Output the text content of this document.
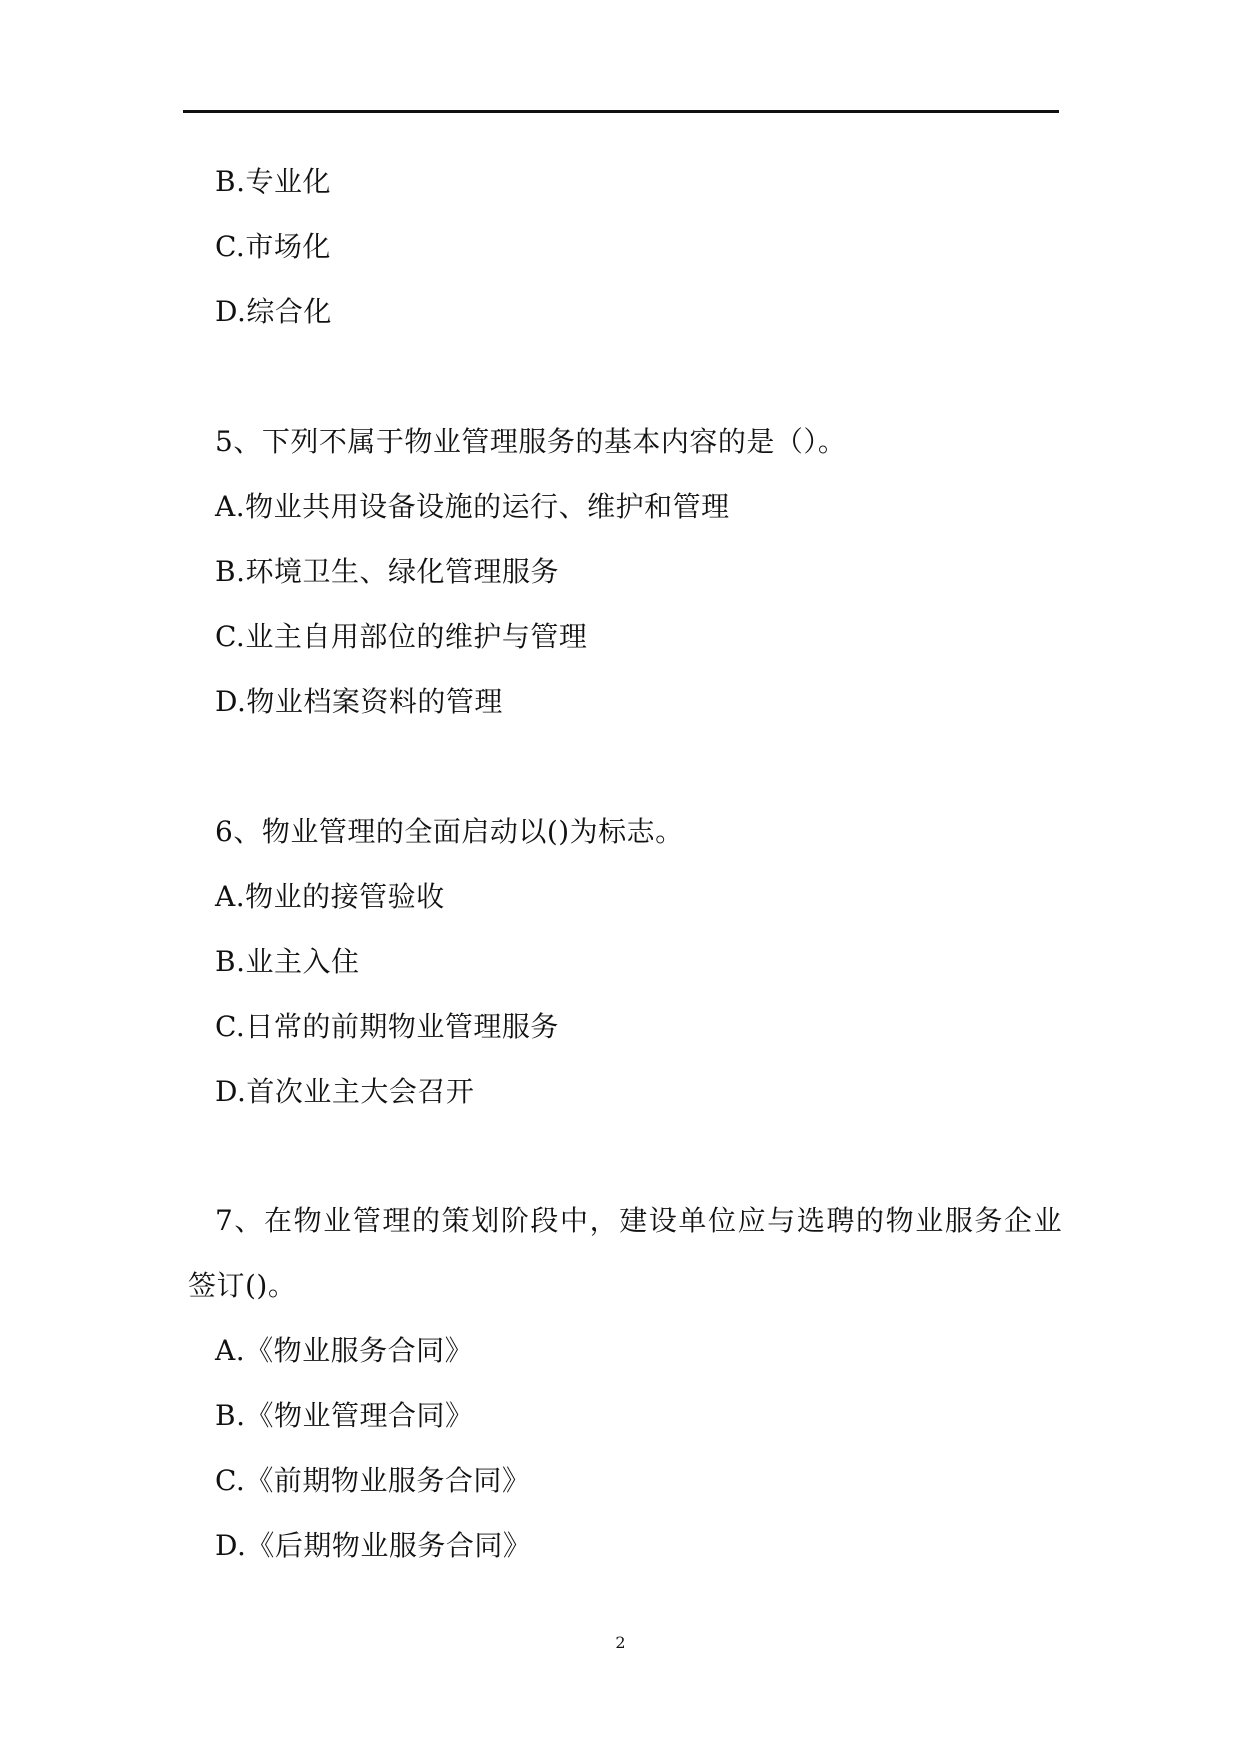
B.专业化
C.市场化
D.综合化
5、下列不属于物业管理服务的基本内容的是（）。
A.物业共用设备设施的运行、维护和管理
B.环境卫生、绿化管理服务
C.业主自用部位的维护与管理
D.物业档案资料的管理
6、物业管理的全面启动以()为标志。
A.物业的接管验收
B.业主入住
C.日常的前期物业管理服务
D.首次业主大会召开
7、在物业管理的策划阶段中，建设单位应与选聘的物业服务企业
签订()。
A.《物业服务合同》
B.《物业管理合同》
C.《前期物业服务合同》
D.《后期物业服务合同》
2
